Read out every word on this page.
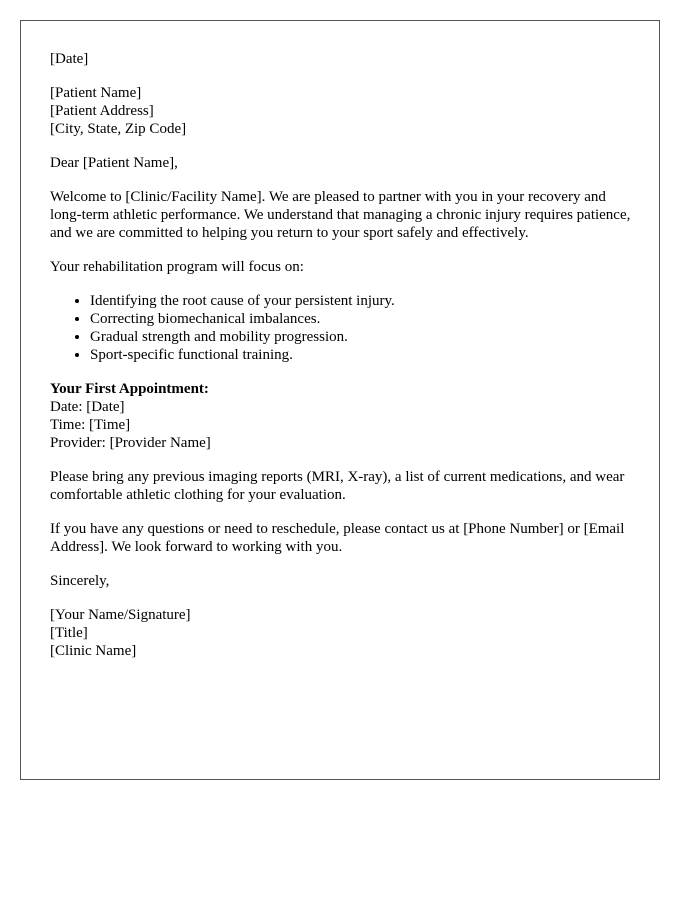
[Date]

[Patient Name]
[Patient Address]
[City, State, Zip Code]

Dear [Patient Name],

Welcome to [Clinic/Facility Name]. We are pleased to partner with you in your recovery and long-term athletic performance. We understand that managing a chronic injury requires patience, and we are committed to helping you return to your sport safely and effectively.

Your rehabilitation program will focus on:

• Identifying the root cause of your persistent injury.
• Correcting biomechanical imbalances.
• Gradual strength and mobility progression.
• Sport-specific functional training.
Your First Appointment:
Date: [Date]
Time: [Time]
Provider: [Provider Name]

Please bring any previous imaging reports (MRI, X-ray), a list of current medications, and wear comfortable athletic clothing for your evaluation.

If you have any questions or need to reschedule, please contact us at [Phone Number] or [Email Address]. We look forward to working with you.

Sincerely,

[Your Name/Signature]
[Title]
[Clinic Name]
